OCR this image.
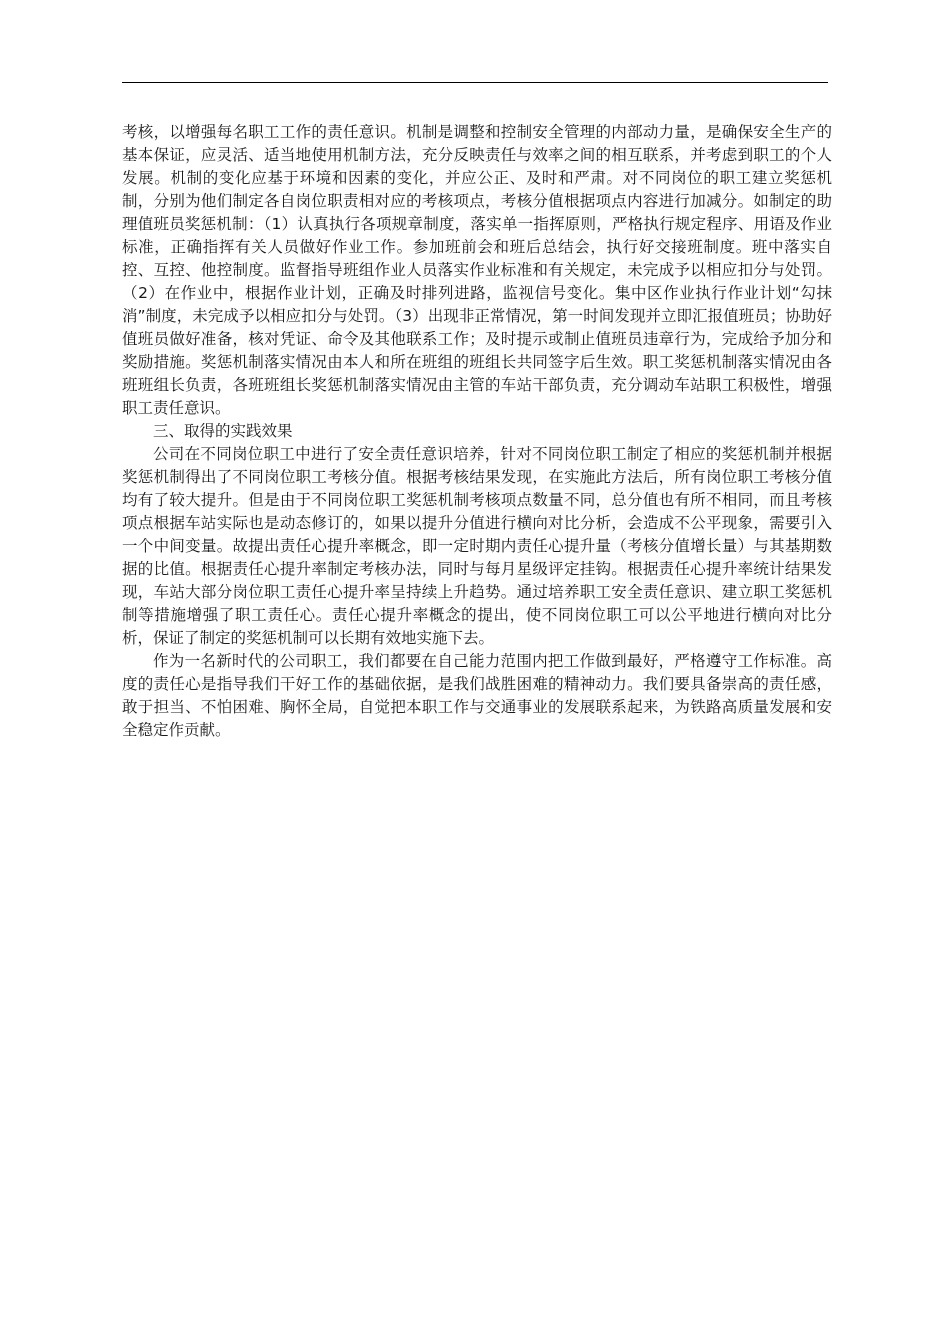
考核，以增强每名职工工作的责任意识。机制是调整和控制安全管理的内部动力量，是确保安全生产的基本保证，应灵活、适当地使用机制方法，充分反映责任与效率之间的相互联系，并考虑到职工的个人发展。机制的变化应基于环境和因素的变化，并应公正、及时和严肃。对不同岗位的职工建立奖惩机制，分别为他们制定各自岗位职责相对应的考核项点，考核分值根据项点内容进行加减分。如制定的助理值班员奖惩机制：（1）认真执行各项规章制度，落实单一指挥原则，严格执行规定程序、用语及作业标准，正确指挥有关人员做好作业工作。参加班前会和班后总结会，执行好交接班制度。班中落实自控、互控、他控制度。监督指导班组作业人员落实作业标准和有关规定，未完成予以相应扣分与处罚。（2）在作业中，根据作业计划，正确及时排列进路，监视信号变化。集中区作业执行作业计划“勾抹消”制度，未完成予以相应扣分与处罚。（3）出现非正常情况，第一时间发现并立即汇报值班员；协助好值班员做好准备，核对凭证、命令及其他联系工作；及时提示或制止值班员违章行为，完成给予加分和奖励措施。奖惩机制落实情况由本人和所在班组的班组长共同签字后生效。职工奖惩机制落实情况由各班班组长负责，各班班组长奖惩机制落实情况由主管的车站干部负责，充分调动车站职工积极性，增强职工责任意识。

三、取得的实践效果

公司在不同岗位职工中进行了安全责任意识培养，针对不同岗位职工制定了相应的奖惩机制并根据奖惩机制得出了不同岗位职工考核分值。根据考核结果发现，在实施此方法后，所有岗位职工考核分值均有了较大提升。但是由于不同岗位职工奖惩机制考核项点数量不同，总分值也有所不相同，而且考核项点根据车站实际也是动态修订的，如果以提升分值进行横向对比分析，会造成不公平现象，需要引入一个中间变量。故提出责任心提升率概念，即一定时期内责任心提升量（考核分值增长量）与其基期数据的比值。根据责任心提升率制定考核办法，同时与每月星级评定挂钩。根据责任心提升率统计结果发现，车站大部分岗位职工责任心提升率呈持续上升趋势。通过培养职工安全责任意识、建立职工奖惩机制等措施增强了职工责任心。责任心提升率概念的提出，使不同岗位职工可以公平地进行横向对比分析，保证了制定的奖惩机制可以长期有效地实施下去。

作为一名新时代的公司职工，我们都要在自己能力范围内把工作做到最好，严格遵守工作标准。高度的责任心是指导我们干好工作的基础依据，是我们战胜困难的精神动力。我们要具备崇高的责任感，敢于担当、不怕困难、胸怀全局，自觉把本职工作与交通事业的发展联系起来，为铁路高质量发展和安全稳定作贡献。
